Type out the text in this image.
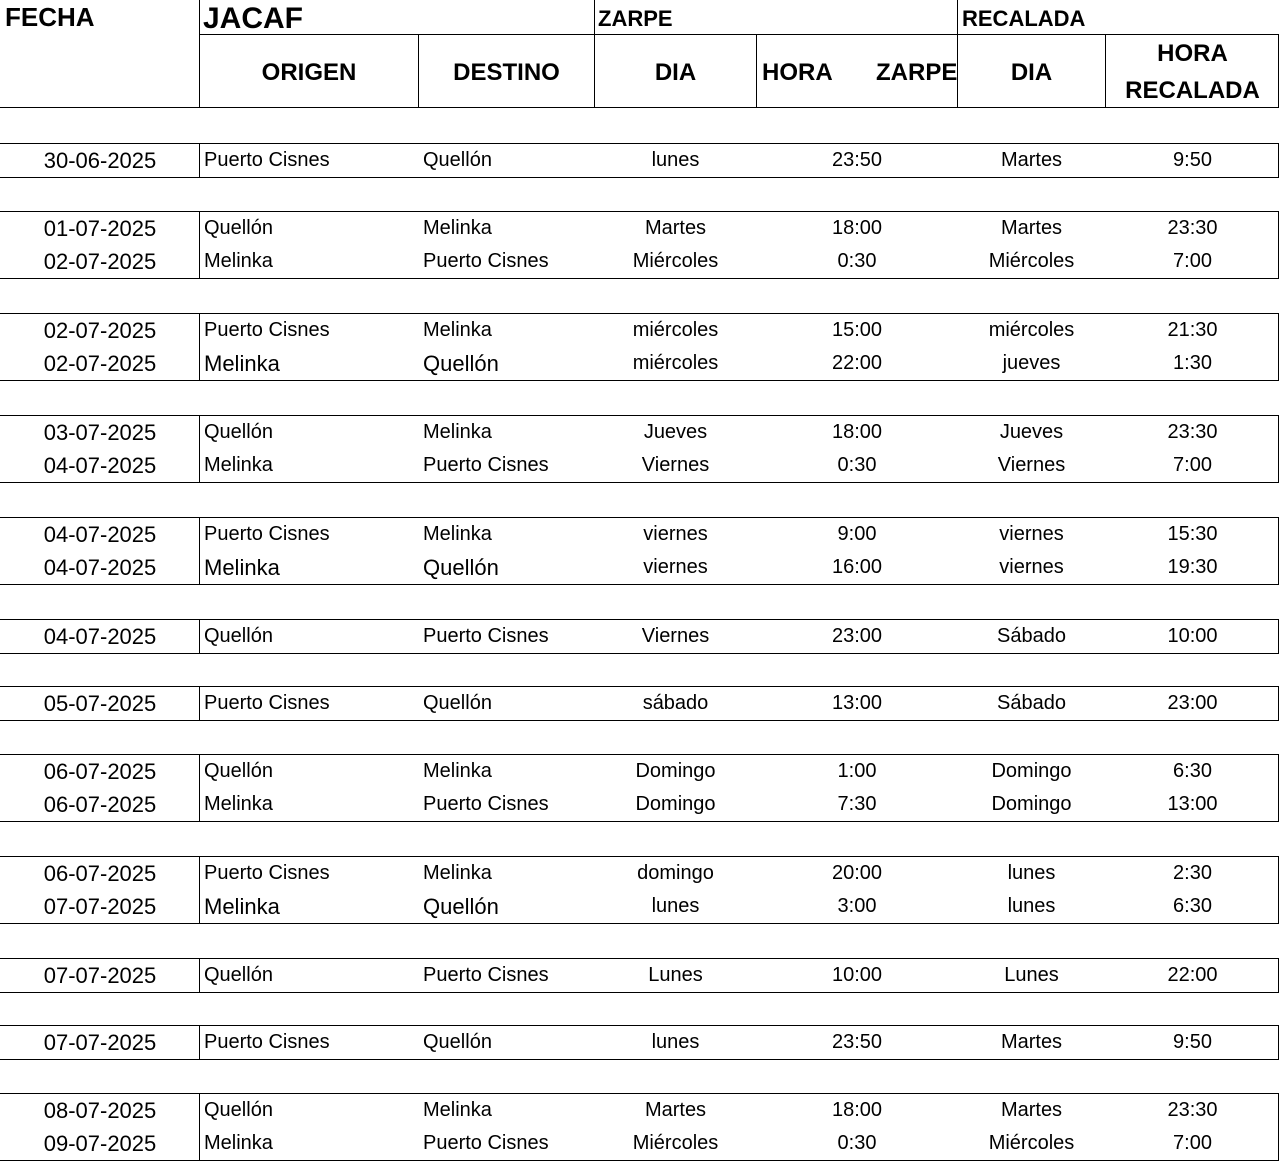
FECHA	JACAF	ZARPE	RECALADA
ORIGEN	DESTINO	DIA	HORA ZARPE	DIA
HORA
RECALADA
30-06-2025	Puerto Cisnes	Quellón	lunes	23:50	Martes	9:50
01-07-2025	Quellón	Melinka	Martes	18:00	Martes	23:30
02-07-2025	Melinka	Puerto Cisnes	Miércoles	0:30	Miércoles	7:00
02-07-2025	Puerto Cisnes	Melinka	miércoles	15:00	miércoles	21:30
02-07-2025	Melinka	Quellón	miércoles	22:00	jueves	1:30
03-07-2025	Quellón	Melinka	Jueves	18:00	Jueves	23:30
04-07-2025	Melinka	Puerto Cisnes	Viernes	0:30	Viernes	7:00
04-07-2025	Puerto Cisnes	Melinka	viernes	9:00	viernes	15:30
04-07-2025	Melinka	Quellón	viernes	16:00	viernes	19:30
04-07-2025	Quellón	Puerto Cisnes	Viernes	23:00	Sábado	10:00
05-07-2025	Puerto Cisnes	Quellón	sábado	13:00	Sábado	23:00
06-07-2025	Quellón	Melinka	Domingo	1:00	Domingo	6:30
06-07-2025	Melinka	Puerto Cisnes	Domingo	7:30	Domingo	13:00
06-07-2025	Puerto Cisnes	Melinka	domingo	20:00	lunes	2:30
07-07-2025	Melinka	Quellón	lunes	3:00	lunes	6:30
07-07-2025	Quellón	Puerto Cisnes	Lunes	10:00	Lunes	22:00
07-07-2025	Puerto Cisnes	Quellón	lunes	23:50	Martes	9:50
08-07-2025	Quellón	Melinka	Martes	18:00	Martes	23:30
09-07-2025	Melinka	Puerto Cisnes	Miércoles	0:30	Miércoles	7:00
